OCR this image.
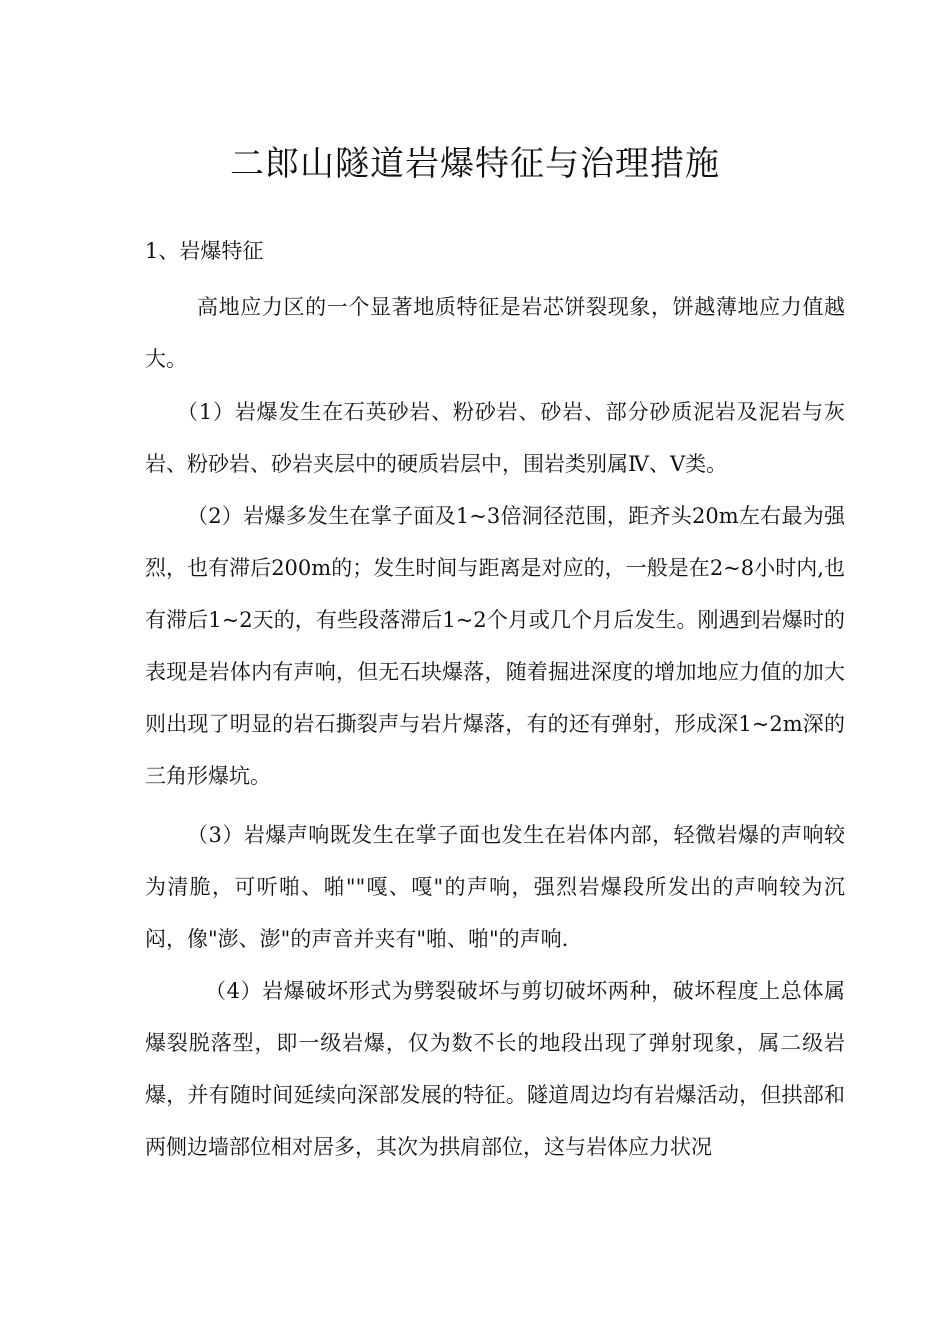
二郎山隧道岩爆特征与治理措施

1、岩爆特征

高地应力区的一个显著地质特征是岩芯饼裂现象，饼越薄地应力值越大。

（1）岩爆发生在石英砂岩、粉砂岩、砂岩、部分砂质泥岩及泥岩与灰岩、粉砂岩、砂岩夹层中的硬质岩层中，围岩类别属Ⅳ、Ⅴ类。

（2）岩爆多发生在掌子面及1~3倍洞径范围，距齐头20m左右最为强烈，也有滞后200m的；发生时间与距离是对应的，一般是在2~8小时内,也有滞后1~2天的，有些段落滞后1~2个月或几个月后发生。刚遇到岩爆时的表现是岩体内有声响，但无石块爆落，随着掘进深度的增加地应力值的加大则出现了明显的岩石撕裂声与岩片爆落，有的还有弹射，形成深1~2m深的三角形爆坑。

（3）岩爆声响既发生在掌子面也发生在岩体内部，轻微岩爆的声响较为清脆，可听啪、啪""嘎、嘎"的声响，强烈岩爆段所发出的声响较为沉闷，像"澎、澎"的声音并夹有"啪、啪"的声响.

（4）岩爆破坏形式为劈裂破坏与剪切破坏两种，破坏程度上总体属爆裂脱落型，即一级岩爆，仅为数不长的地段出现了弹射现象，属二级岩爆，并有随时间延续向深部发展的特征。隧道周边均有岩爆活动，但拱部和两侧边墙部位相对居多，其次为拱肩部位，这与岩体应力状况
